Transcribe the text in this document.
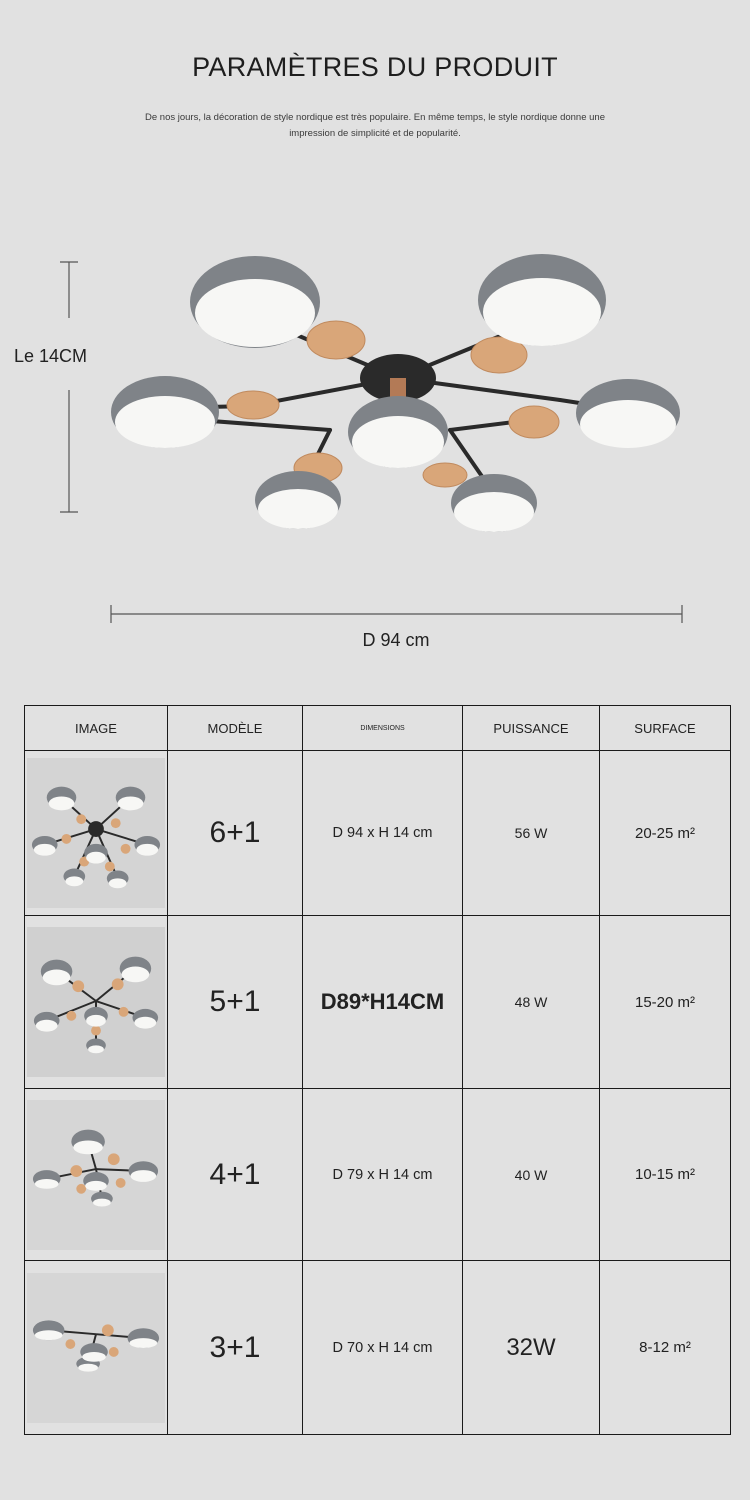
PARAMÈTRES DU PRODUIT
De nos jours, la décoration de style nordique est très populaire. En même temps, le style nordique donne une
impression de simplicité et de popularité.
Le 14CM
D 94 cm
IMAGE	MODÈLE	DIMENSIONS	PUISSANCE	SURFACE

	6+1	D 94 x H 14 cm	56 W	20-25 m²

	5+1	D89*H14CM	48 W	15-20 m²

	4+1	D 79 x H 14 cm	40 W	10-15 m²

	3+1	D 70 x H 14 cm	32W	8-12 m²
